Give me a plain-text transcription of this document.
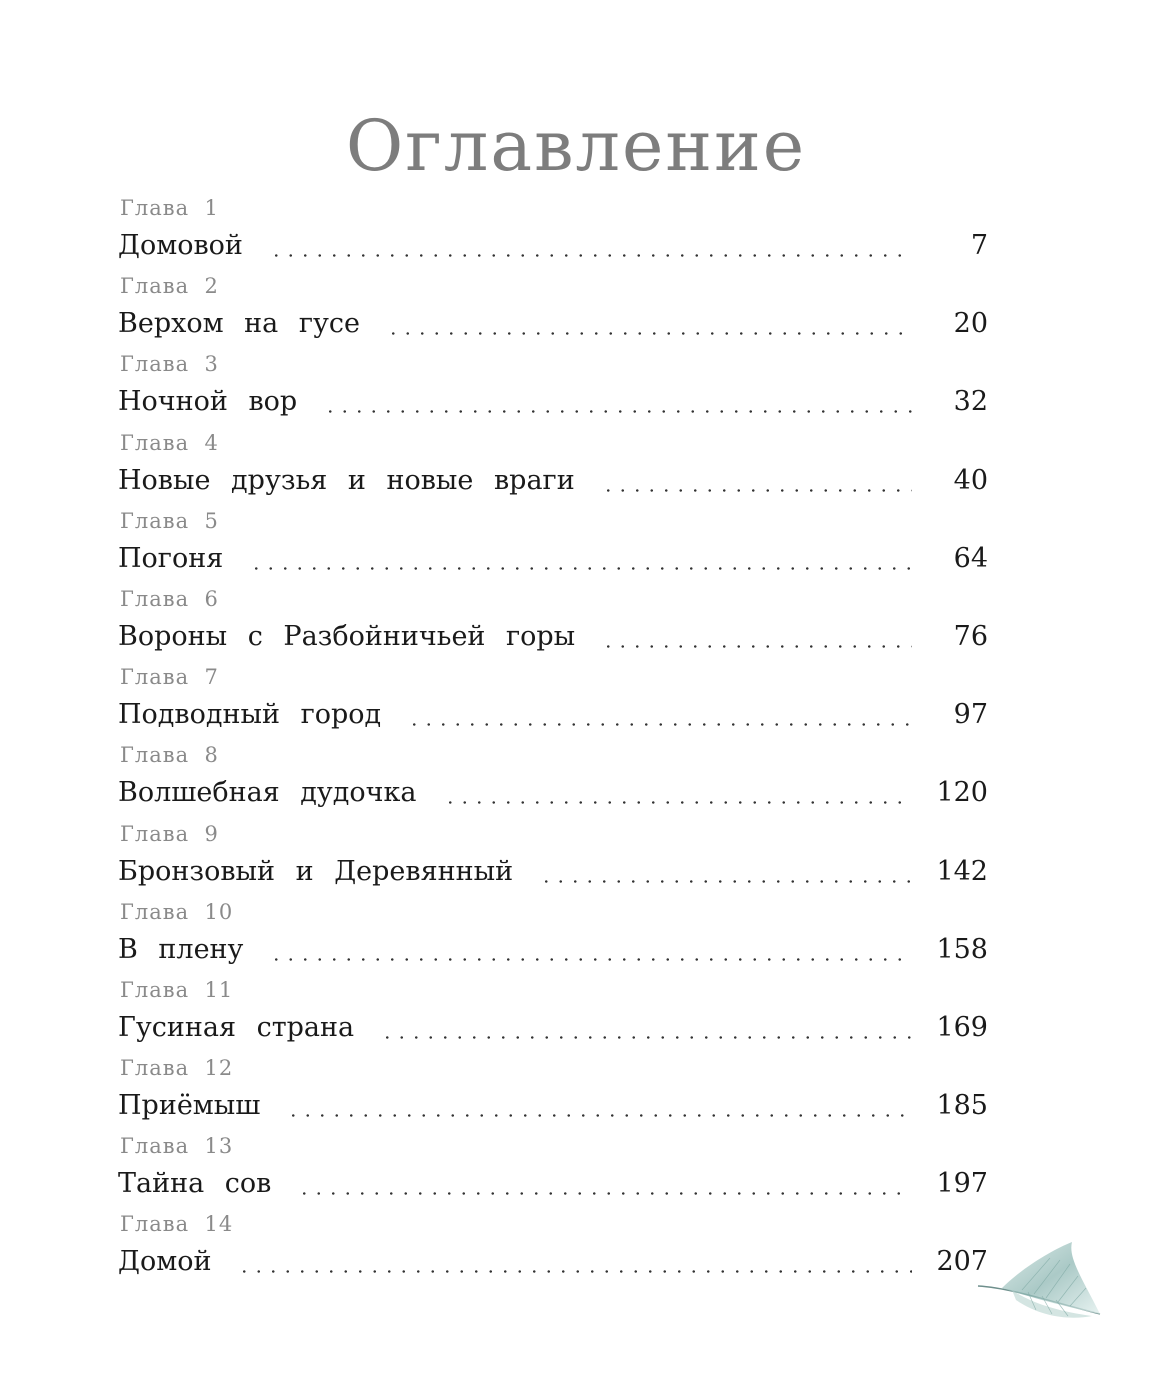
Оглавление
Глава  1
Домовой	7
Глава  2
Верхом на гусе	20
Глава  3
Ночной вор	32
Глава  4
Новые друзья и новые враги	40
Глава  5
Погоня	64
Глава  6
Вороны с Разбойничьей горы	76
Глава  7
Подводный город	97
Глава  8
Волшебная дудочка	120
Глава  9
Бронзовый и Деревянный	142
Глава  10
В плену	158
Глава  11
Гусиная страна	169
Глава  12
Приёмыш	185
Глава  13
Тайна сов	197
Глава  14
Домой	207
